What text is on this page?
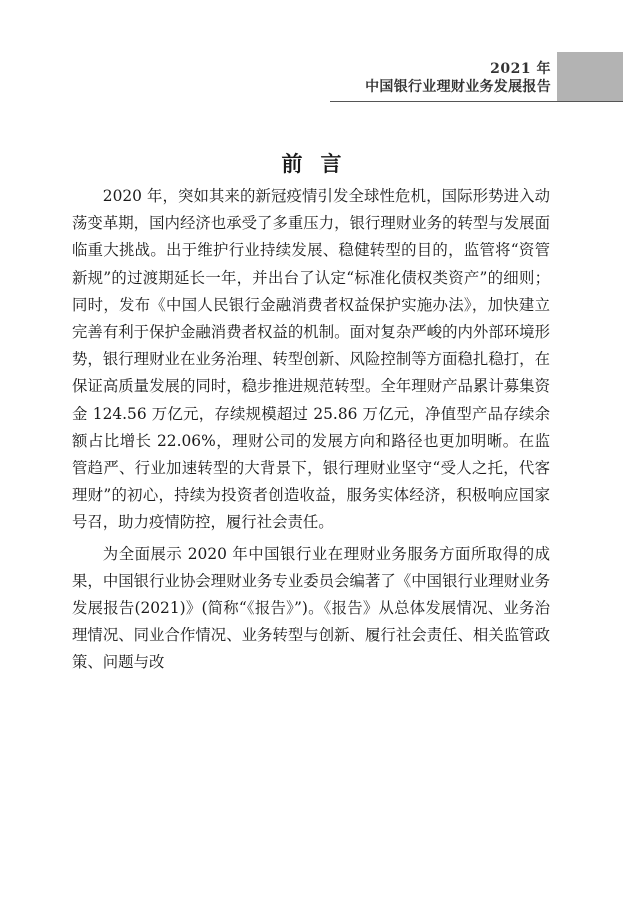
2021 年
中国银行业理财业务发展报告
前言

2020 年，突如其来的新冠疫情引发全球性危机，国际形势进入动荡变革期，国内经济也承受了多重压力，银行理财业务的转型与发展面临重大挑战。出于维护行业持续发展、稳健转型的目的，监管将“资管新规”的过渡期延长一年，并出台了认定“标准化债权类资产”的细则；同时，发布《中国人民银行金融消费者权益保护实施办法》，加快建立完善有利于保护金融消费者权益的机制。面对复杂严峻的内外部环境形势，银行理财业在业务治理、转型创新、风险控制等方面稳扎稳打，在保证高质量发展的同时，稳步推进规范转型。全年理财产品累计募集资金 124.56 万亿元，存续规模超过 25.86 万亿元，净值型产品存续余额占比增长 22.06%，理财公司的发展方向和路径也更加明晰。在监管趋严、行业加速转型的大背景下，银行理财业坚守“受人之托，代客理财”的初心，持续为投资者创造收益，服务实体经济，积极响应国家号召，助力疫情防控，履行社会责任。

为全面展示 2020 年中国银行业在理财业务服务方面所取得的成果，中国银行业协会理财业务专业委员会编著了《中国银行业理财业务发展报告(2021)》(简称“《报告》”)。《报告》从总体发展情况、业务治理情况、同业合作情况、业务转型与创新、履行社会责任、相关监管政策、问题与改
